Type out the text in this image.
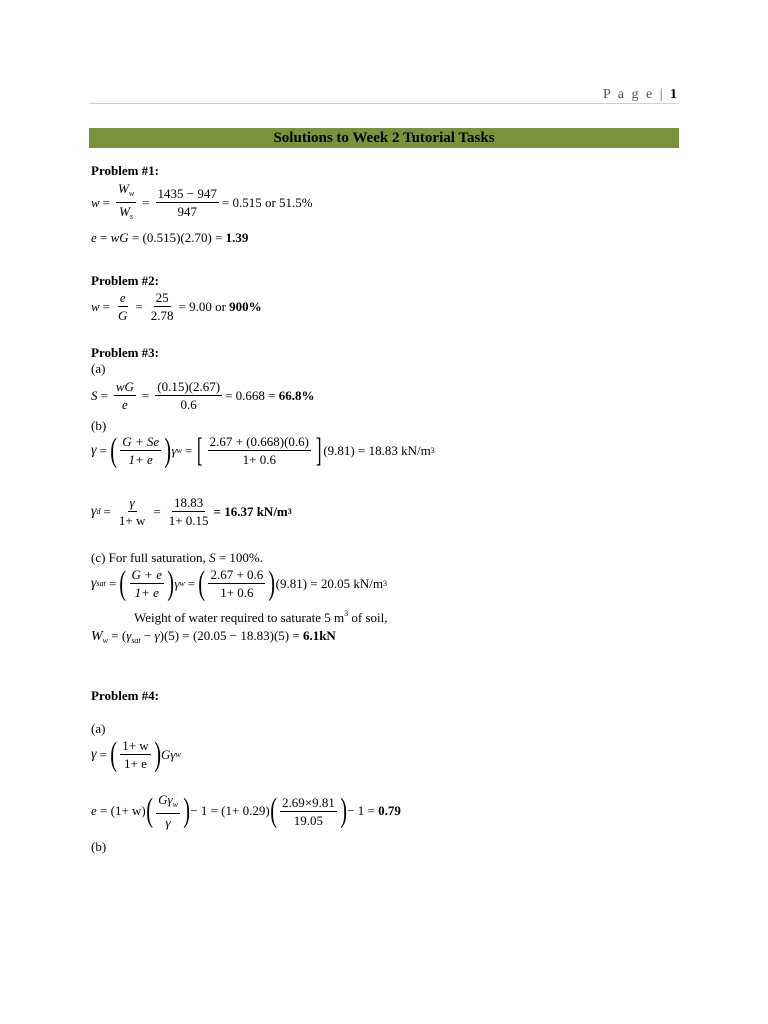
P a g e | 1
Solutions to Week 2 Tutorial Tasks
Problem #1:
$w = \frac{W_w}{W_s} = \frac{1435 - 947}{947} = 0.515$ or 51.5%
e = wG = (0.515)(2.70) = 1.39
Problem #2:
$w = \frac{e}{G} = \frac{25}{2.78} = 9.00$ or
900%
Problem #3:
(a)
$S = \frac{wG}{e} = \frac{(0.15)(2.67)}{0.6} = 0.668$ =
66.8%
(b)
γ = ( $\frac{G + Se}{1+ e}$ ) γ w = [ $\frac{2.67 + (0.668)(0.6)}{1+ 0.6}$ ] (9.81) = 18.83 kN/m 3
γ $d = \frac{\gamma}{1+ w} = \frac{18.83}{1+ 0.15} = 16.37$ kN/m 3
(c) For full saturation, S = 100%.
γ sat = ( $\frac{G + e}{1+ e}$ ) γ w = ( $\frac{2.67 + 0.6}{1+ 0.6}$ ) (9.81) = 20.05 kN/m 3
Weight of water required to saturate 5 $m^3$ of soil,
$W_w = (\gamma_{sat} - \gamma)(5) = (20.05 - 18.83)(5) = 6.1kN$
Problem #4:
(a)
γ = ( $\frac{1+ w}{1+ e}$ ) Gγ w
e
= (1+ w) ( $\frac{G\gamma_w}{\gamma}$ ) − 1 = (1+ 0.29) ( $\frac{2.69\times 9.81}{19.05}$ ) − 1 =
0.79
(b)
